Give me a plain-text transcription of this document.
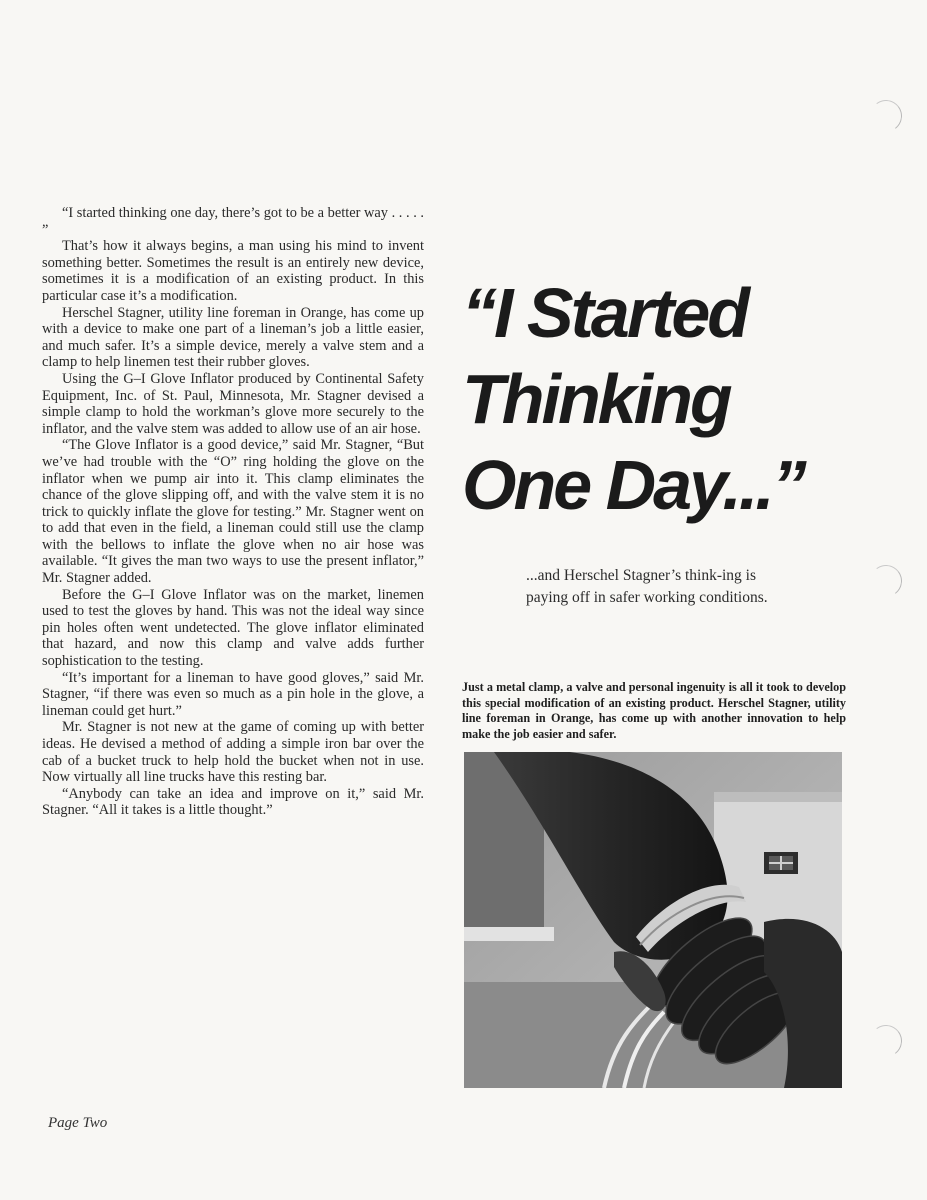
“I started thinking one day, there’s got to be a better way . . . . . ”

That’s how it always begins, a man using his mind to invent something better. Sometimes the result is an entirely new device, sometimes it is a modification of an existing product. In this particular case it’s a modification.

Herschel Stagner, utility line foreman in Orange, has come up with a device to make one part of a lineman’s job a little easier, and much safer. It’s a simple device, merely a valve stem and a clamp to help linemen test their rubber gloves.

Using the G–I Glove Inflator produced by Continental Safety Equipment, Inc. of St. Paul, Minnesota, Mr. Stagner devised a simple clamp to hold the workman’s glove more securely to the inflator, and the valve stem was added to allow use of an air hose.

“The Glove Inflator is a good device,” said Mr. Stagner, “But we’ve had trouble with the “O” ring holding the glove on the inflator when we pump air into it. This clamp eliminates the chance of the glove slipping off, and with the valve stem it is no trick to quickly inflate the glove for testing.” Mr. Stagner went on to add that even in the field, a lineman could still use the clamp with the bellows to inflate the glove when no air hose was available. “It gives the man two ways to use the present inflator,” Mr. Stagner added.

Before the G–I Glove Inflator was on the market, linemen used to test the gloves by hand. This was not the ideal way since pin holes often went undetected. The glove inflator eliminated that hazard, and now this clamp and valve adds further sophistication to the testing.

“It’s important for a lineman to have good gloves,” said Mr. Stagner, “if there was even so much as a pin hole in the glove, a lineman could get hurt.”

Mr. Stagner is not new at the game of coming up with better ideas. He devised a method of adding a simple iron bar over the cab of a bucket truck to help hold the bucket when not in use. Now virtually all line trucks have this resting bar.

“Anybody can take an idea and improve on it,” said Mr. Stagner. “All it takes is a little thought.”

“I Started
Thinking
One Day...”

...and Herschel Stagner’s think-ing is paying off in safer working conditions.

Just a metal clamp, a valve and personal ingenuity is all it took to develop this special modification of an existing product. Herschel Stagner, utility line foreman in Orange, has come up with another innovation to help make the job easier and safer.

Page Two
